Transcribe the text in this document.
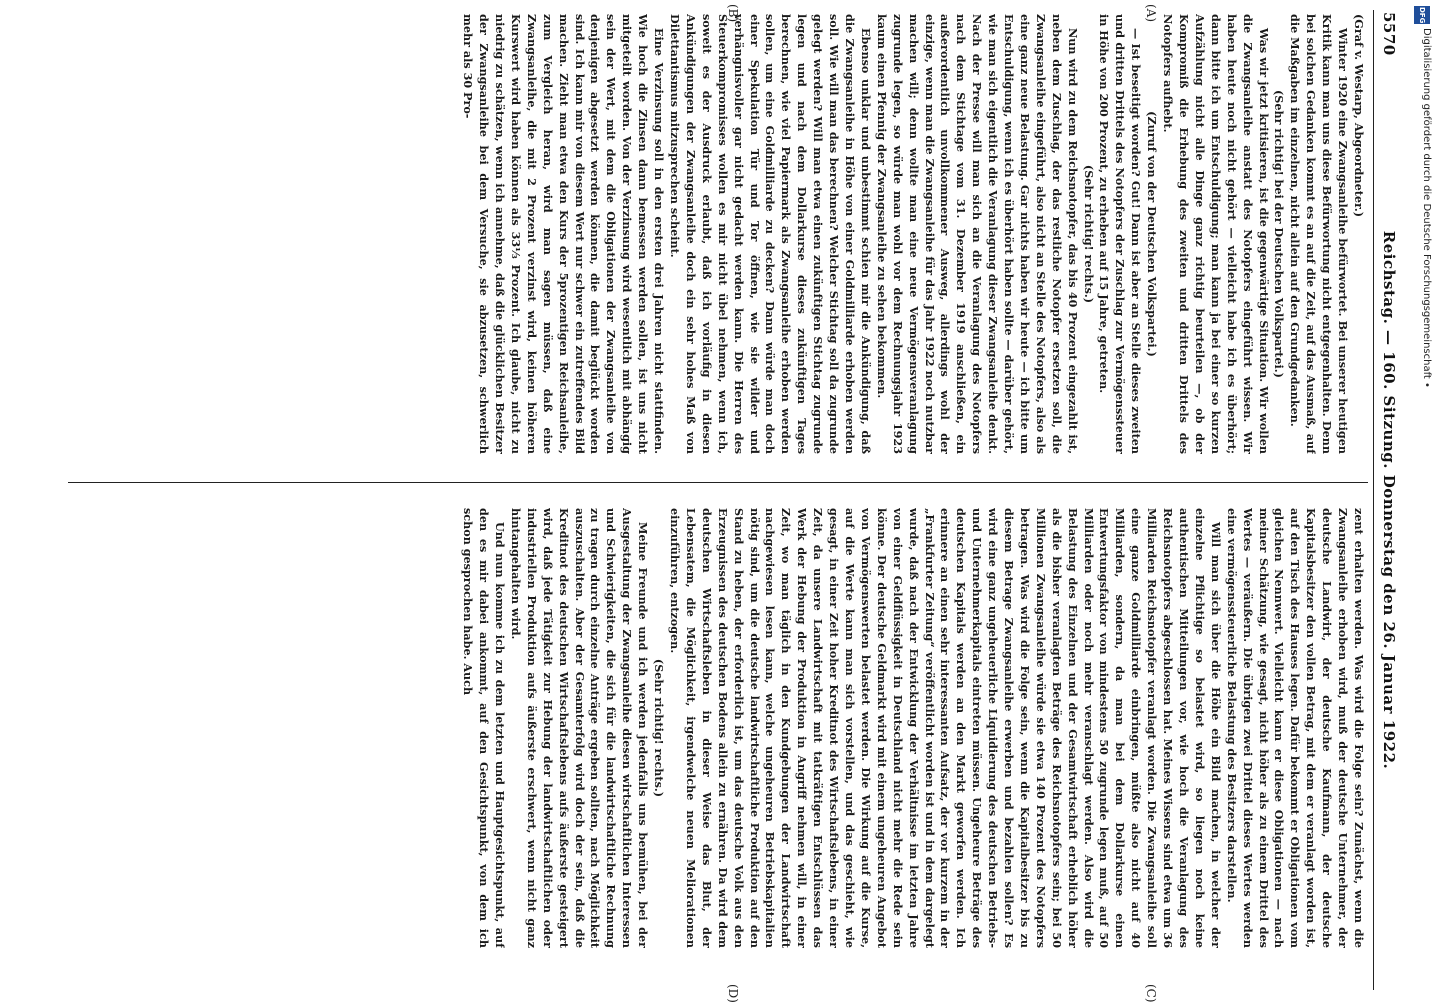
5570
Reichstag. — 160. Sitzung. Donnerstag den 26. Januar 1922.

(Graf v. Westarp, Abgeordneter.)

Winter 1920 eine Zwangsanleihe befürwortet. Bei unserer heutigen Kritik kann man uns diese Befürwortung nicht entgegenhalten. Denn bei solchen Gedanken kommt es an auf die Zeit, auf das Ausmaß, auf die Maßgaben im einzelnen, nicht allein auf den Grundgedanken.

(Sehr richtig! bei der Deutschen Volkspartei.)

Was wir jetzt kritisieren, ist die gegenwärtige Situation. Wir wollen die Zwangsanleihe anstatt des Notopfers eingeführt wissen. Wir haben heute noch nicht gehört — vielleicht habe ich es überhört; dann bitte ich um Entschuldigung; man kann ja bei einer so kurzen Aufzählung nicht alle Dinge ganz richtig beurteilen —, ob der Kompromiß die Erhebung des zweiten und dritten Drittels des Notopfers aufhebt.

(Zuruf von der Deutschen Volkspartei.)

— Ist beseitigt worden? Gut! Dann ist aber an Stelle dieses zweiten und dritten Drittels des Notopfers der Zuschlag zur Vermögenssteuer in Höhe von 200 Prozent, zu erheben auf 15 Jahre, getreten.

(Sehr richtig! rechts.)

Nun wird zu dem Reichsnotopfer, das bis 40 Prozent eingezahlt ist, neben dem Zuschlag, der das restliche Notopfer ersetzen soll, die Zwangsanleihe eingeführt, also nicht an Stelle des Notopfers, also als eine ganz neue Belastung. Gar nichts haben wir heute — ich bitte um Entschuldigung, wenn ich es überhört haben sollte — darüber gehört, wie man sich eigentlich die Veranlagung dieser Zwangsanleihe denkt. Nach der Presse will man sich an die Veranlagung des Notopfers nach dem Stichtage vom 31. Dezember 1919 anschließen, ein außerordentlich unvollkommener Ausweg, allerdings wohl der einzige, wenn man die Zwangsanleihe für das Jahr 1922 noch nutzbar machen will; denn wollte man eine neue Vermögensveranlagung zugrunde legen, so würde man wohl vor dem Rechnungsjahr 1923 kaum einen Pfennig der Zwangsanleihe zu sehen bekommen.

Ebenso unklar und unbestimmt schien mir die Ankündigung, daß die Zwangsanleihe in Höhe von einer Goldmilliarde erhoben werden soll. Wie will man das berechnen? Welcher Stichtag soll da zugrunde gelegt werden? Will man etwa einen zukünftigen Stichtag zugrunde legen und nach dem Dollarkurse dieses zukünftigen Tages berechnen, wie viel Papiermark als Zwangsanleihe erhoben werden sollen, um eine Goldmilliarde zu decken? Dann würde man doch einer Spekulation Tür und Tor öffnen, wie sie wilder und verhängnisvoller gar nicht gedacht werden kann. Die Herren des Steuerkompromisses wollen es mir nicht übel nehmen, wenn ich, soweit es der Ausdruck erlaubt, daß ich vorläufig in diesen Ankündigungen der Zwangsanleihe doch ein sehr hohes Maß von Dilettantismus mitzusprechen scheint.

Eine Verzinsung soll in den ersten drei Jahren nicht stattfinden. Wie hoch die Zinsen dann bemessen werden sollen, ist uns nicht mitgeteilt worden. Von der Verzinsung wird wesentlich mit abhängig sein der Wert, mit dem die Obligationen der Zwangsanleihe von denjenigen abgesetzt werden können, die damit beglückt worden sind. Ich kann mir von diesem Wert nur schwer ein zutreffendes Bild machen. Zieht man etwa den Kurs der 5prozentigen Reichsanleihe, zum Vergleich heran, wird man sagen müssen, daß eine Zwangsanleihe, die mit 2 Prozent verzinst wird, keinen höheren Kurswert wird haben können als 33⅓ Prozent. Ich glaube, nicht zu niedrig zu schätzen, wenn ich annehme, daß die glücklichen Besitzer der Zwangsanleihe bei dem Versuche, sie abzusetzen, schwerlich mehr als 30 Pro-

zent erhalten werden. Was wird die Folge sein? Zunächst, wenn die Zwangsanleihe erhoben wird, muß der deutsche Unternehmer, der deutsche Landwirt, der deutsche Kaufmann, der deutsche Kapitalsbesitzer den vollen Betrag, mit dem er veranlagt worden ist, auf den Tisch des Hauses legen. Dafür bekommt er Obligationen vom gleichen Nennwert. Vielleicht kann er diese Obligationen — nach meiner Schätzung, wie gesagt, nicht höher als zu einem Drittel des Wertes — veräußern. Die übrigen zwei Drittel dieses Wertes werden eine vermögenssteuerliche Belastung des Besitzers darstellen.

Will man sich über die Höhe ein Bild machen, in welcher der einzelne Pflichtige so belastet wird, so liegen noch keine authentischen Mitteilungen vor, wie hoch die Veranlagung des Reichsnotopfers abgeschlossen hat. Meines Wissens sind etwa um 36 Milliarden Reichsnotopfer veranlagt worden. Die Zwangsanleihe soll eine ganze Goldmilliarde einbringen, müßte also nicht auf 40 Milliarden, sondern, da man bei dem Dollarkurse einen Entwertungsfaktor von mindestens 50 zugrunde legen muß, auf 50 Milliarden oder noch mehr veranschlagt werden. Also wird die Belastung des Einzelnen und der Gesamtwirtschaft erheblich höher als die bisher veranlagten Beträge des Reichsnotopfers sein; bei 50 Millionen Zwangsanleihe würde sie etwa 140 Prozent des Notopfers betragen. Was wird die Folge sein, wenn die Kapitalbesitzer bis zu diesem Betrage Zwangsanleihe erwerben und bezahlen sollen? Es wird eine ganz ungeheuerliche Liquidierung des deutschen Betriebs- und Unternehmerkapitals eintreten müssen. Ungeheure Beträge des deutschen Kapitals werden an den Markt geworfen werden. Ich erinnere an einen sehr interessanten Aufsatz, der vor kurzem in der „Frankfurter Zeitung“ veröffentlicht worden ist und in dem dargelegt wurde, daß nach der Entwicklung der Verhältnisse im letzten Jahre von einer Geldflüssigkeit in Deutschland nicht mehr die Rede sein könne. Der deutsche Geldmarkt wird mit einem ungeheuren Angebot von Vermögenswerten belastet werden. Die Wirkung auf die Kurse, auf die Werte kann man sich vorstellen, und das geschieht, wie gesagt, in einer Zeit hoher Kreditnot des Wirtschaftslebens, in einer Zeit, da unsere Landwirtschaft mit tatkräftigen Entschlüssen das Werk der Hebung der Produktion in Angriff nehmen will, in einer Zeit, wo man täglich in den Kundgebungen der Landwirtschaft nachgewiesen lesen kann, welche ungeheuren Betriebskapitalien nötig sind, um die deutsche landwirtschaftliche Produktion auf den Stand zu heben, der erforderlich ist, um das deutsche Volk aus den Erzeugnissen des deutschen Bodens allein zu ernähren. Da wird dem deutschen Wirtschaftsleben in dieser Weise das Blut, der Lebensatem, die Möglichkeit, irgendwelche neuen Meliorationen einzuführen, entzogen.

(Sehr richtig! rechts.)

Meine Freunde und ich werden jedenfalls uns bemühen, bei der Ausgestaltung der Zwangsanleihe diesen wirtschaftlichen Interessen und Schwierigkeiten, die sich für die landwirtschaftliche Rechnung zu tragen durch einzelne Anträge ergeben sollten, nach Möglichkeit auszuschalten. Aber der Gesamterfolg wird doch der sein, daß die Kreditnot des deutschen Wirtschaftslebens aufs äußerste gesteigert wird, daß jede Tätigkeit zur Hebung der landwirtschaftlichen oder industriellen Produktion aufs äußerste erschwert, wenn nicht ganz hintangehalten wird.

Und nun komme ich zu dem letzten und Hauptgesichtspunkt, auf den es mir dabei ankommt, auf den Gesichtspunkt, von dem ich schon gesprochen habe. Auch

(A)
(B)
(C)
(D)
DFG
Digitalisierung gefördert durch die Deutsche Forschungsgemeinschaft •
